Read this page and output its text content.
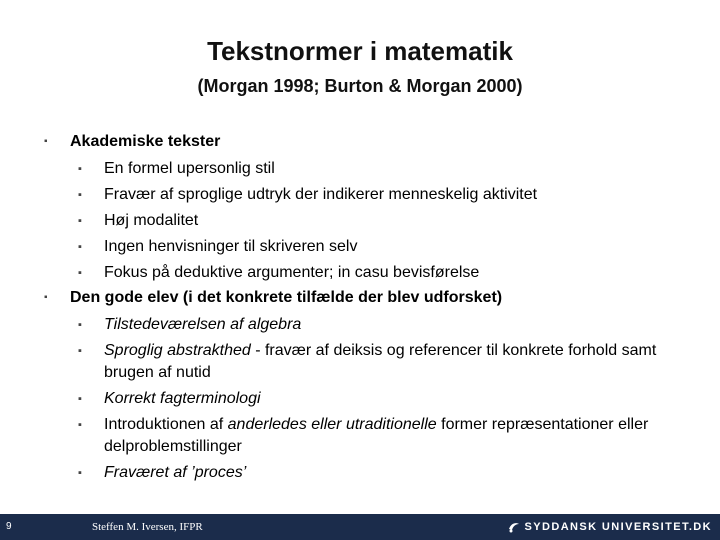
Tekstnormer i matematik
(Morgan 1998; Burton & Morgan 2000)
▪ Akademiske tekster
▪ En formel upersonlig stil
▪ Fravær af sproglige udtryk der indikerer menneskelig aktivitet
▪ Høj modalitet
▪ Ingen henvisninger til skriveren selv
▪ Fokus på deduktive argumenter; in casu bevisførelse
▪ Den gode elev (i det konkrete tilfælde der blev udforsket)
▪ Tilstedeværelsen af algebra
▪ Sproglig abstrakthed - fravær af deiksis og referencer til konkrete forhold samt brugen af nutid
▪ Korrekt fagterminologi
▪ Introduktionen af anderledes eller utraditionelle former repræsentationer eller delproblemstillinger
▪ Fraværet af ’proces’
9	Steffen M. Iversen, IFPR	SYDDANSK UNIVERSITET.DK
